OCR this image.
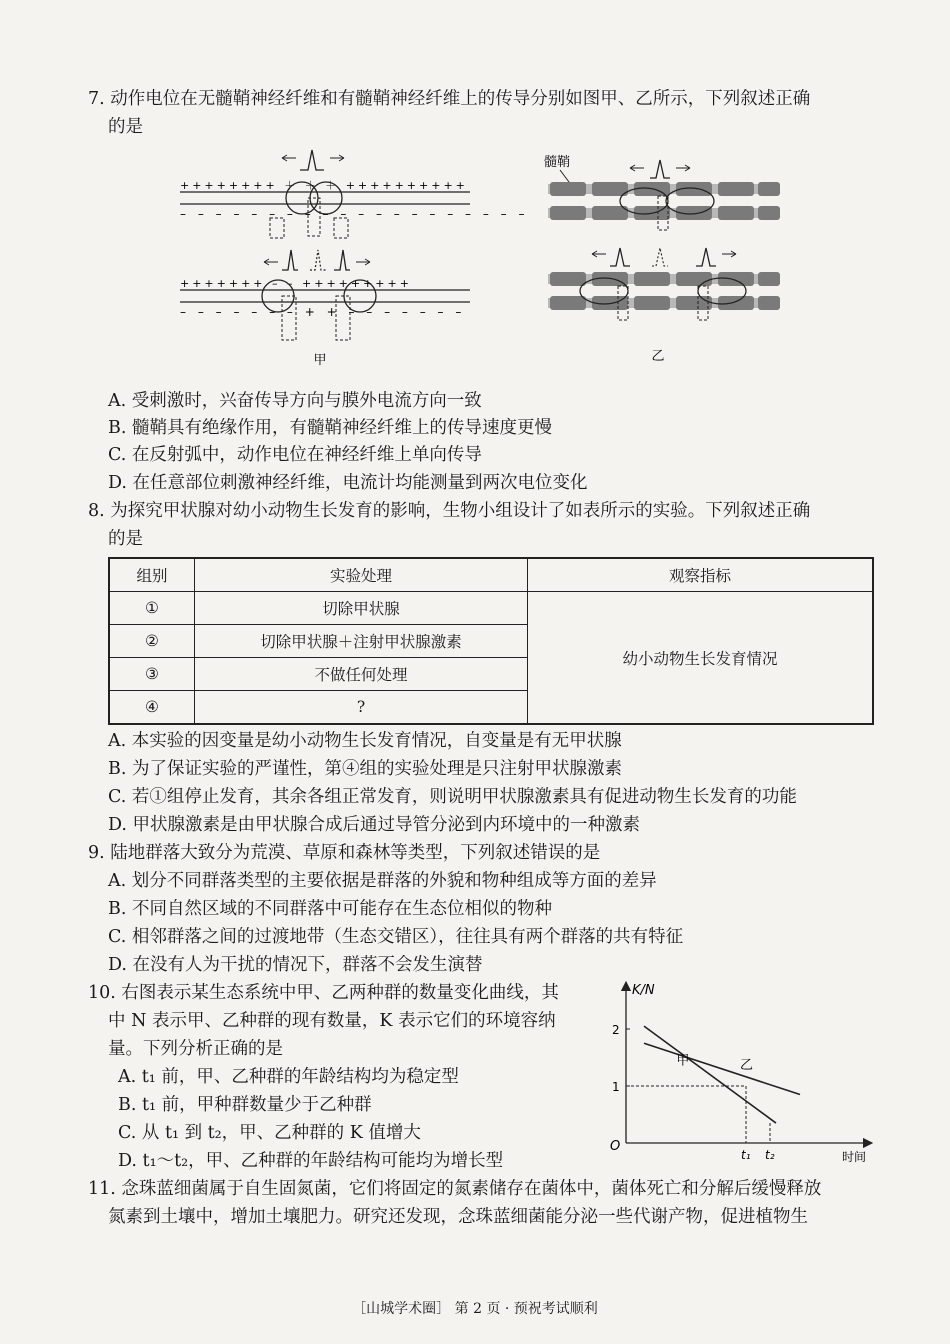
7. 动作电位在无髓鞘神经纤维和有髓鞘神经纤维上的传导分别如图甲、乙所示，下列叙述正确
的是
++++++++ ＋ ＋ ＋ ++++++++++
– – – – – – – – – – – – – – – – – – – –
+++++++ – – +++++++++
– – – – – – – + + – – – – – – –
甲
髓鞘
乙
A. 受刺激时，兴奋传导方向与膜外电流方向一致
B. 髓鞘具有绝缘作用，有髓鞘神经纤维上的传导速度更慢
C. 在反射弧中，动作电位在神经纤维上单向传导
D. 在任意部位刺激神经纤维，电流计均能测量到两次电位变化
8. 为探究甲状腺对幼小动物生长发育的影响，生物小组设计了如表所示的实验。下列叙述正确
的是
组别	实验处理	观察指标
①	切除甲状腺	幼小动物生长发育情况
②	切除甲状腺＋注射甲状腺激素	
③	不做任何处理	
④	?	
A. 本实验的因变量是幼小动物生长发育情况，自变量是有无甲状腺
B. 为了保证实验的严谨性，第④组的实验处理是只注射甲状腺激素
C. 若①组停止发育，其余各组正常发育，则说明甲状腺激素具有促进动物生长发育的功能
D. 甲状腺激素是由甲状腺合成后通过导管分泌到内环境中的一种激素
9. 陆地群落大致分为荒漠、草原和森林等类型，下列叙述错误的是
A. 划分不同群落类型的主要依据是群落的外貌和物种组成等方面的差异
B. 不同自然区域的不同群落中可能存在生态位相似的物种
C. 相邻群落之间的过渡地带（生态交错区），往往具有两个群落的共有特征
D. 在没有人为干扰的情况下，群落不会发生演替
10. 右图表示某生态系统中甲、乙两种群的数量变化曲线，其
中 N 表示甲、乙种群的现有数量，K 表示它们的环境容纳
量。下列分析正确的是
A. t₁ 前，甲、乙种群的年龄结构均为稳定型
B. t₁ 前，甲种群数量少于乙种群
C. 从 t₁ 到 t₂，甲、乙种群的 K 值增大
D. t₁～t₂，甲、乙种群的年龄结构可能均为增长型
K/N
时间
O
1
2
t₁ t₂
甲	乙
11. 念珠蓝细菌属于自生固氮菌，它们将固定的氮素储存在菌体中，菌体死亡和分解后缓慢释放
氮素到土壤中，增加土壤肥力。研究还发现，念珠蓝细菌能分泌一些代谢产物，促进植物生
［山城学术圈］ 第 2 页 · 预祝考试顺利
